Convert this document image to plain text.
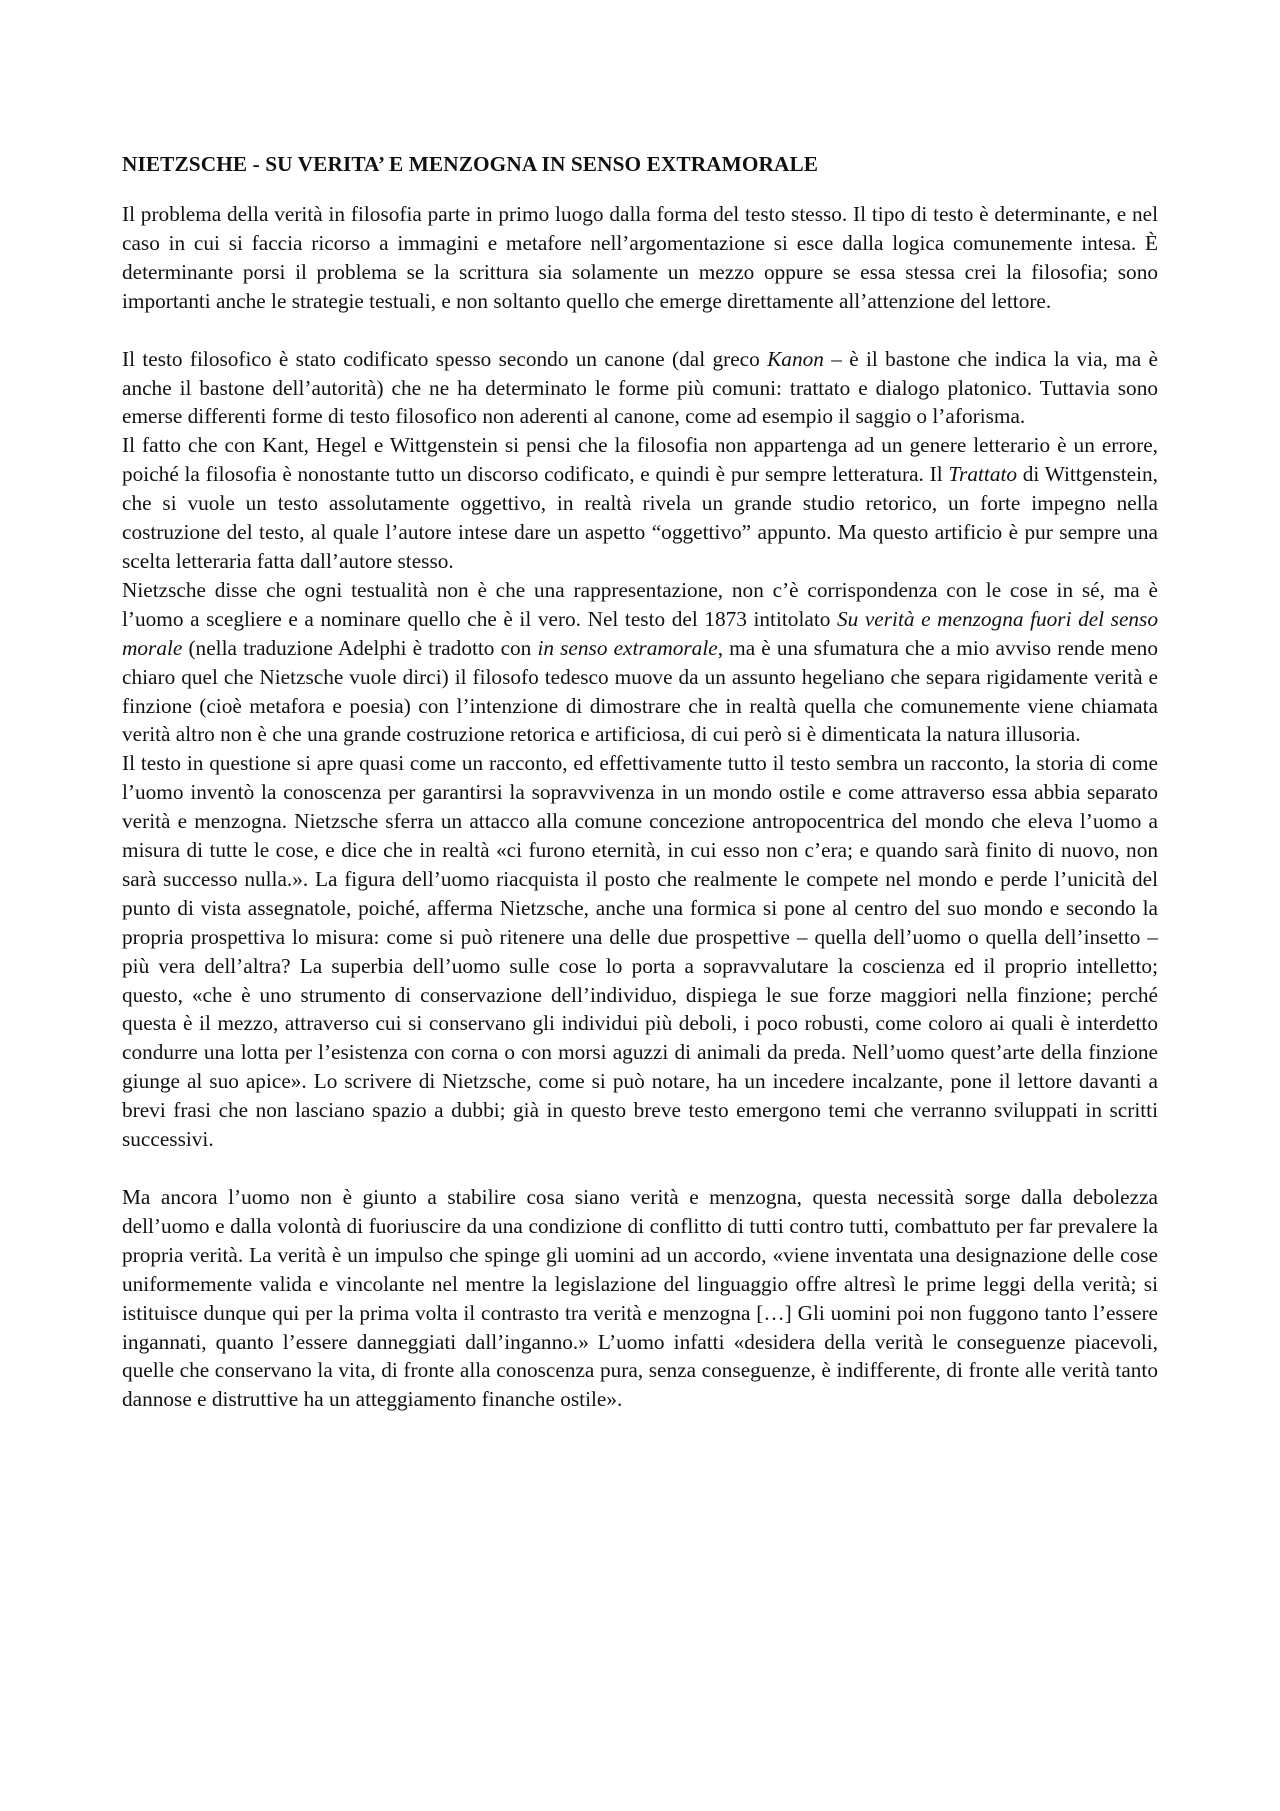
NIETZSCHE - SU VERITA’ E MENZOGNA IN SENSO EXTRAMORALE

Il problema della verità in filosofia parte in primo luogo dalla forma del testo stesso. Il tipo di testo è determinante, e nel caso in cui si faccia ricorso a immagini e metafore nell’argomentazione si esce dalla logica comunemente intesa. È determinante porsi il problema se la scrittura sia solamente un mezzo oppure se essa stessa crei la filosofia; sono importanti anche le strategie testuali, e non soltanto quello che emerge direttamente all’attenzione del lettore.

Il testo filosofico è stato codificato spesso secondo un canone (dal greco Kanon – è il bastone che indica la via, ma è anche il bastone dell’autorità) che ne ha determinato le forme più comuni: trattato e dialogo platonico. Tuttavia sono emerse differenti forme di testo filosofico non aderenti al canone, come ad esempio il saggio o l’aforisma.

Il fatto che con Kant, Hegel e Wittgenstein si pensi che la filosofia non appartenga ad un genere letterario è un errore, poiché la filosofia è nonostante tutto un discorso codificato, e quindi è pur sempre letteratura. Il Trattato di Wittgenstein, che si vuole un testo assolutamente oggettivo, in realtà rivela un grande studio retorico, un forte impegno nella costruzione del testo, al quale l’autore intese dare un aspetto “oggettivo” appunto. Ma questo artificio è pur sempre una scelta letteraria fatta dall’autore stesso.

Nietzsche disse che ogni testualità non è che una rappresentazione, non c’è corrispondenza con le cose in sé, ma è l’uomo a scegliere e a nominare quello che è il vero. Nel testo del 1873 intitolato Su verità e menzogna fuori del senso morale (nella traduzione Adelphi è tradotto con in senso extramorale, ma è una sfumatura che a mio avviso rende meno chiaro quel che Nietzsche vuole dirci) il filosofo tedesco muove da un assunto hegeliano che separa rigidamente verità e finzione (cioè metafora e poesia) con l’intenzione di dimostrare che in realtà quella che comunemente viene chiamata verità altro non è che una grande costruzione retorica e artificiosa, di cui però si è dimenticata la natura illusoria.

Il testo in questione si apre quasi come un racconto, ed effettivamente tutto il testo sembra un racconto, la storia di come l’uomo inventò la conoscenza per garantirsi la sopravvivenza in un mondo ostile e come attraverso essa abbia separato verità e menzogna. Nietzsche sferra un attacco alla comune concezione antropocentrica del mondo che eleva l’uomo a misura di tutte le cose, e dice che in realtà «ci furono eternità, in cui esso non c’era; e quando sarà finito di nuovo, non sarà successo nulla.». La figura dell’uomo riacquista il posto che realmente le compete nel mondo e perde l’unicità del punto di vista assegnatole, poiché, afferma Nietzsche, anche una formica si pone al centro del suo mondo e secondo la propria prospettiva lo misura: come si può ritenere una delle due prospettive – quella dell’uomo o quella dell’insetto – più vera dell’altra? La superbia dell’uomo sulle cose lo porta a sopravvalutare la coscienza ed il proprio intelletto; questo, «che è uno strumento di conservazione dell’individuo, dispiega le sue forze maggiori nella finzione; perché questa è il mezzo, attraverso cui si conservano gli individui più deboli, i poco robusti, come coloro ai quali è interdetto condurre una lotta per l’esistenza con corna o con morsi aguzzi di animali da preda. Nell’uomo quest’arte della finzione giunge al suo apice». Lo scrivere di Nietzsche, come si può notare, ha un incedere incalzante, pone il lettore davanti a brevi frasi che non lasciano spazio a dubbi; già in questo breve testo emergono temi che verranno sviluppati in scritti successivi.

Ma ancora l’uomo non è giunto a stabilire cosa siano verità e menzogna, questa necessità sorge dalla debolezza dell’uomo e dalla volontà di fuoriuscire da una condizione di conflitto di tutti contro tutti, combattuto per far prevalere la propria verità. La verità è un impulso che spinge gli uomini ad un accordo, «viene inventata una designazione delle cose uniformemente valida e vincolante nel mentre la legislazione del linguaggio offre altresì le prime leggi della verità; si istituisce dunque qui per la prima volta il contrasto tra verità e menzogna […] Gli uomini poi non fuggono tanto l’essere ingannati, quanto l’essere danneggiati dall’inganno.» L’uomo infatti «desidera della verità le conseguenze piacevoli, quelle che conservano la vita, di fronte alla conoscenza pura, senza conseguenze, è indifferente, di fronte alle verità tanto dannose e distruttive ha un atteggiamento finanche ostile».
